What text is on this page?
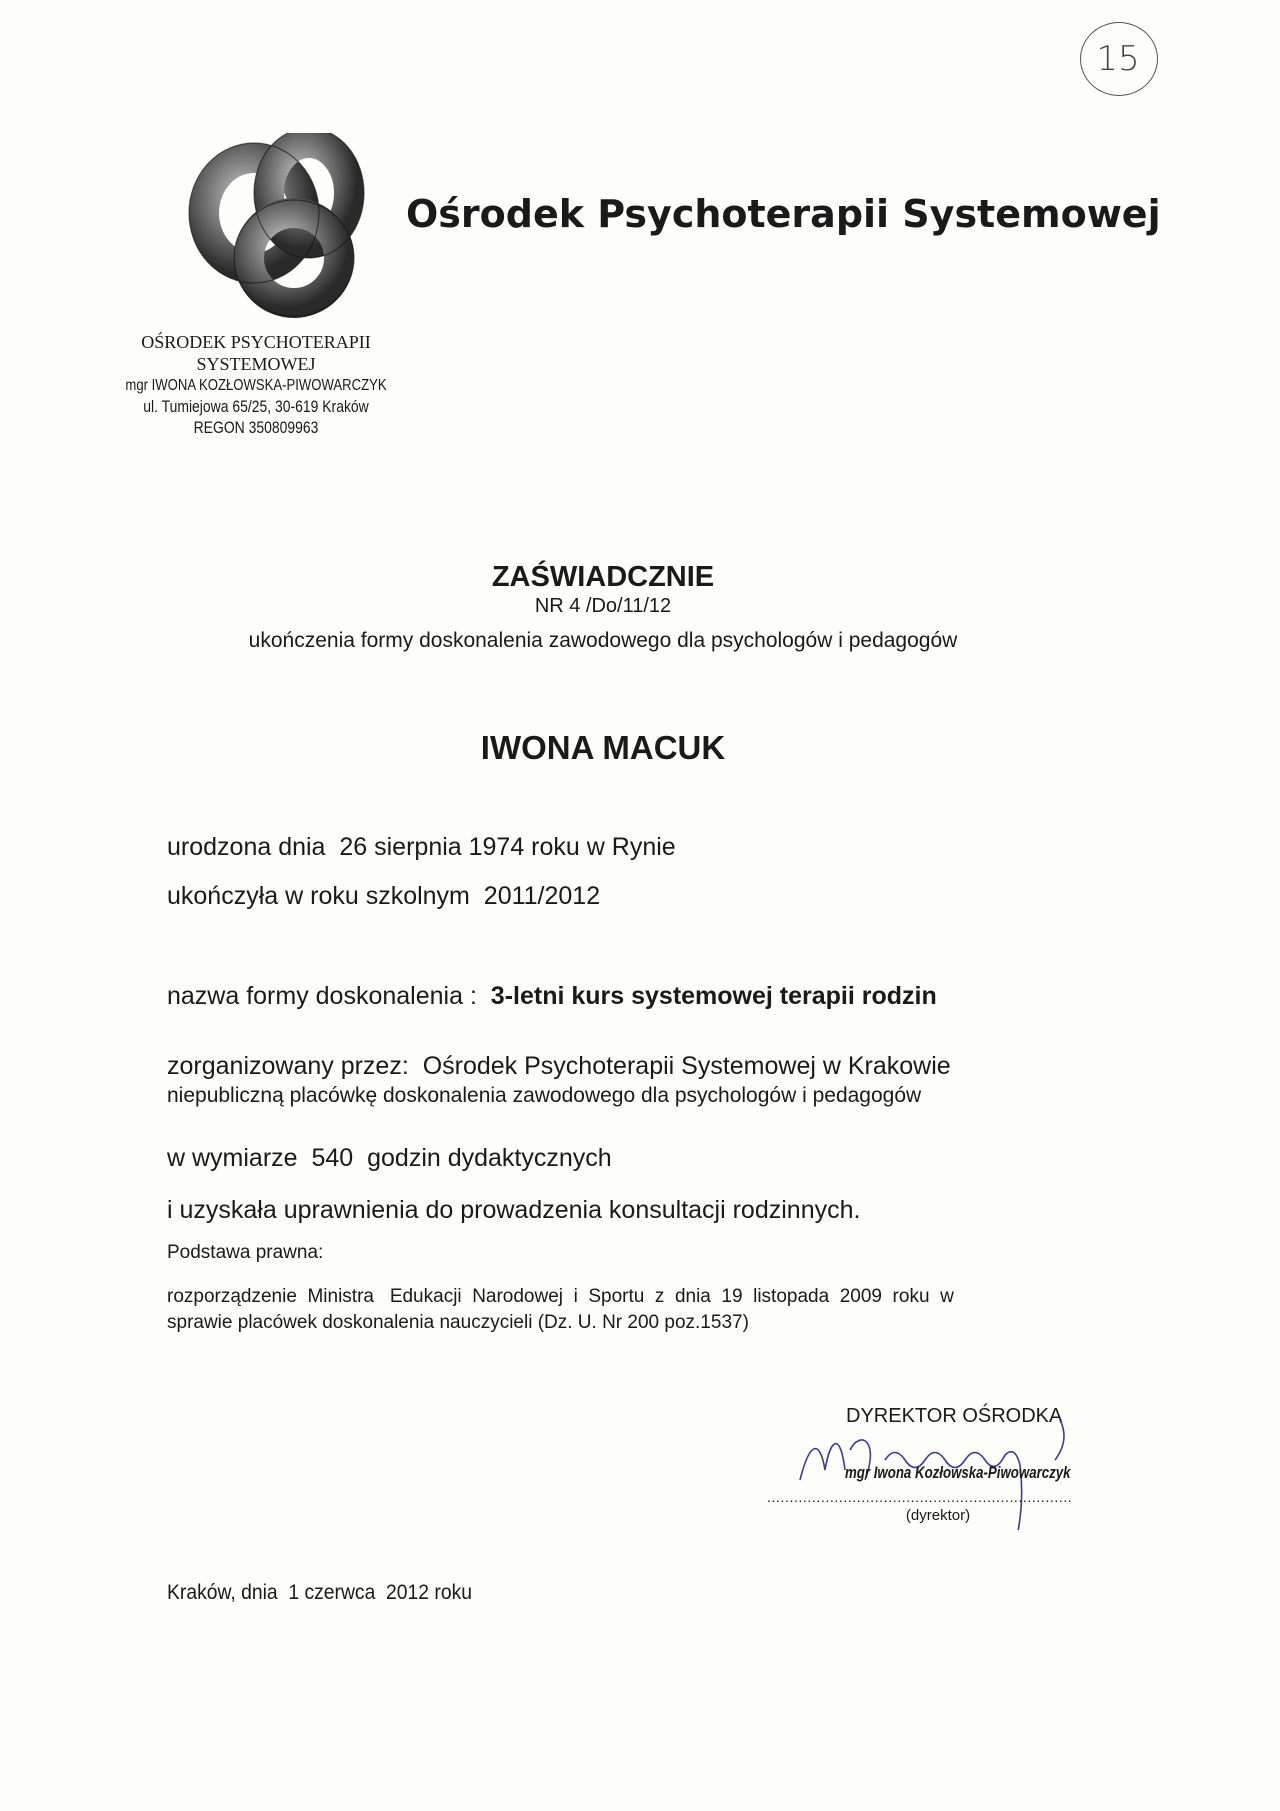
15
Ośrodek Psychoterapii Systemowej
OŚRODEK PSYCHOTERAPII
SYSTEMOWEJ
mgr IWONA KOZŁOWSKA-PIWOWARCZYK
ul. Tumiejowa 65/25, 30-619 Kraków
REGON 350809963
ZAŚWIADCZNIE
NR 4 /Do/11/12
ukończenia formy doskonalenia zawodowego dla psychologów i pedagogów
IWONA MACUK
urodzona dnia 26 sierpnia 1974 roku w Rynie
ukończyła w roku szkolnym 2011/2012
nazwa formy doskonalenia : 3-letni kurs systemowej terapii rodzin
zorganizowany przez: Ośrodek Psychoterapii Systemowej w Krakowie
niepubliczną placówkę doskonalenia zawodowego dla psychologów i pedagogów
w wymiarze 540 godzin dydaktycznych
i uzyskała uprawnienia do prowadzenia konsultacji rodzinnych.
Podstawa prawna:
rozporządzenie  Ministra   Edukacji  Narodowej  i  Sportu  z  dnia  19  listopada  2009  roku  w
sprawie placówek doskonalenia nauczycieli (Dz. U. Nr 200 poz.1537)
DYREKTOR OŚRODKA
mgr Iwona Kozłowska-Piwowarczyk
....................................................................
(dyrektor)
Kraków, dnia  1 czerwca  2012 roku
